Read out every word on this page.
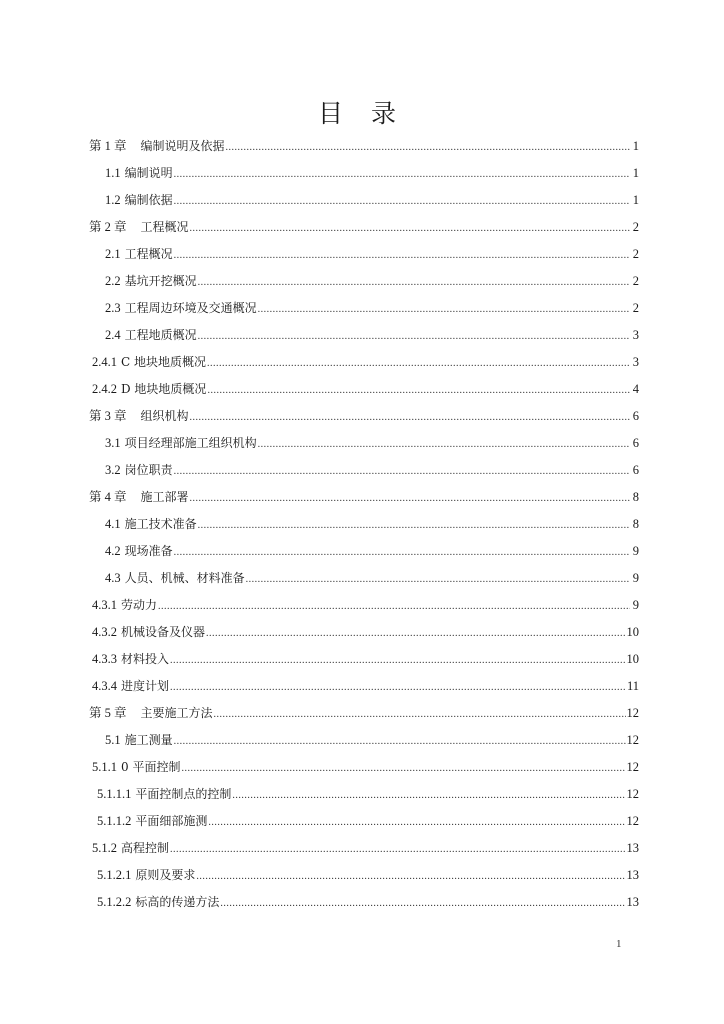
目 录
第 1 章 编制说明及依据 .....	1
1.1 编制说明 .....	1
1.2 编制依据 .....	1
第 2 章 工程概况 .....	2
2.1 工程概况 .....	2
2.2 基坑开挖概况 .....	2
2.3 工程周边环境及交通概况 .....	2
2.4 工程地质概况 .....	3
2.4.1 C 地块地质概况 .....	3
2.4.2 D 地块地质概况 .....	4
第 3 章 组织机构 .....	6
3.1 项目经理部施工组织机构 .....	6
3.2 岗位职责 .....	6
第 4 章 施工部署 .....	8
4.1 施工技术准备 .....	8
4.2 现场准备 .....	9
4.3 人员、机械、材料准备 .....	9
4.3.1 劳动力 .....	9
4.3.2 机械设备及仪器 .....	10
4.3.3 材料投入 .....	10
4.3.4 进度计划 .....	11
第 5 章 主要施工方法 .....	12
5.1 施工测量 .....	12
5.1.1 0 平面控制 .....	12
5.1.1.1 平面控制点的控制 .....	12
5.1.1.2 平面细部施测 .....	12
5.1.2 高程控制 .....	13
5.1.2.1 原则及要求 .....	13
5.1.2.2 标高的传递方法 .....	13
1
